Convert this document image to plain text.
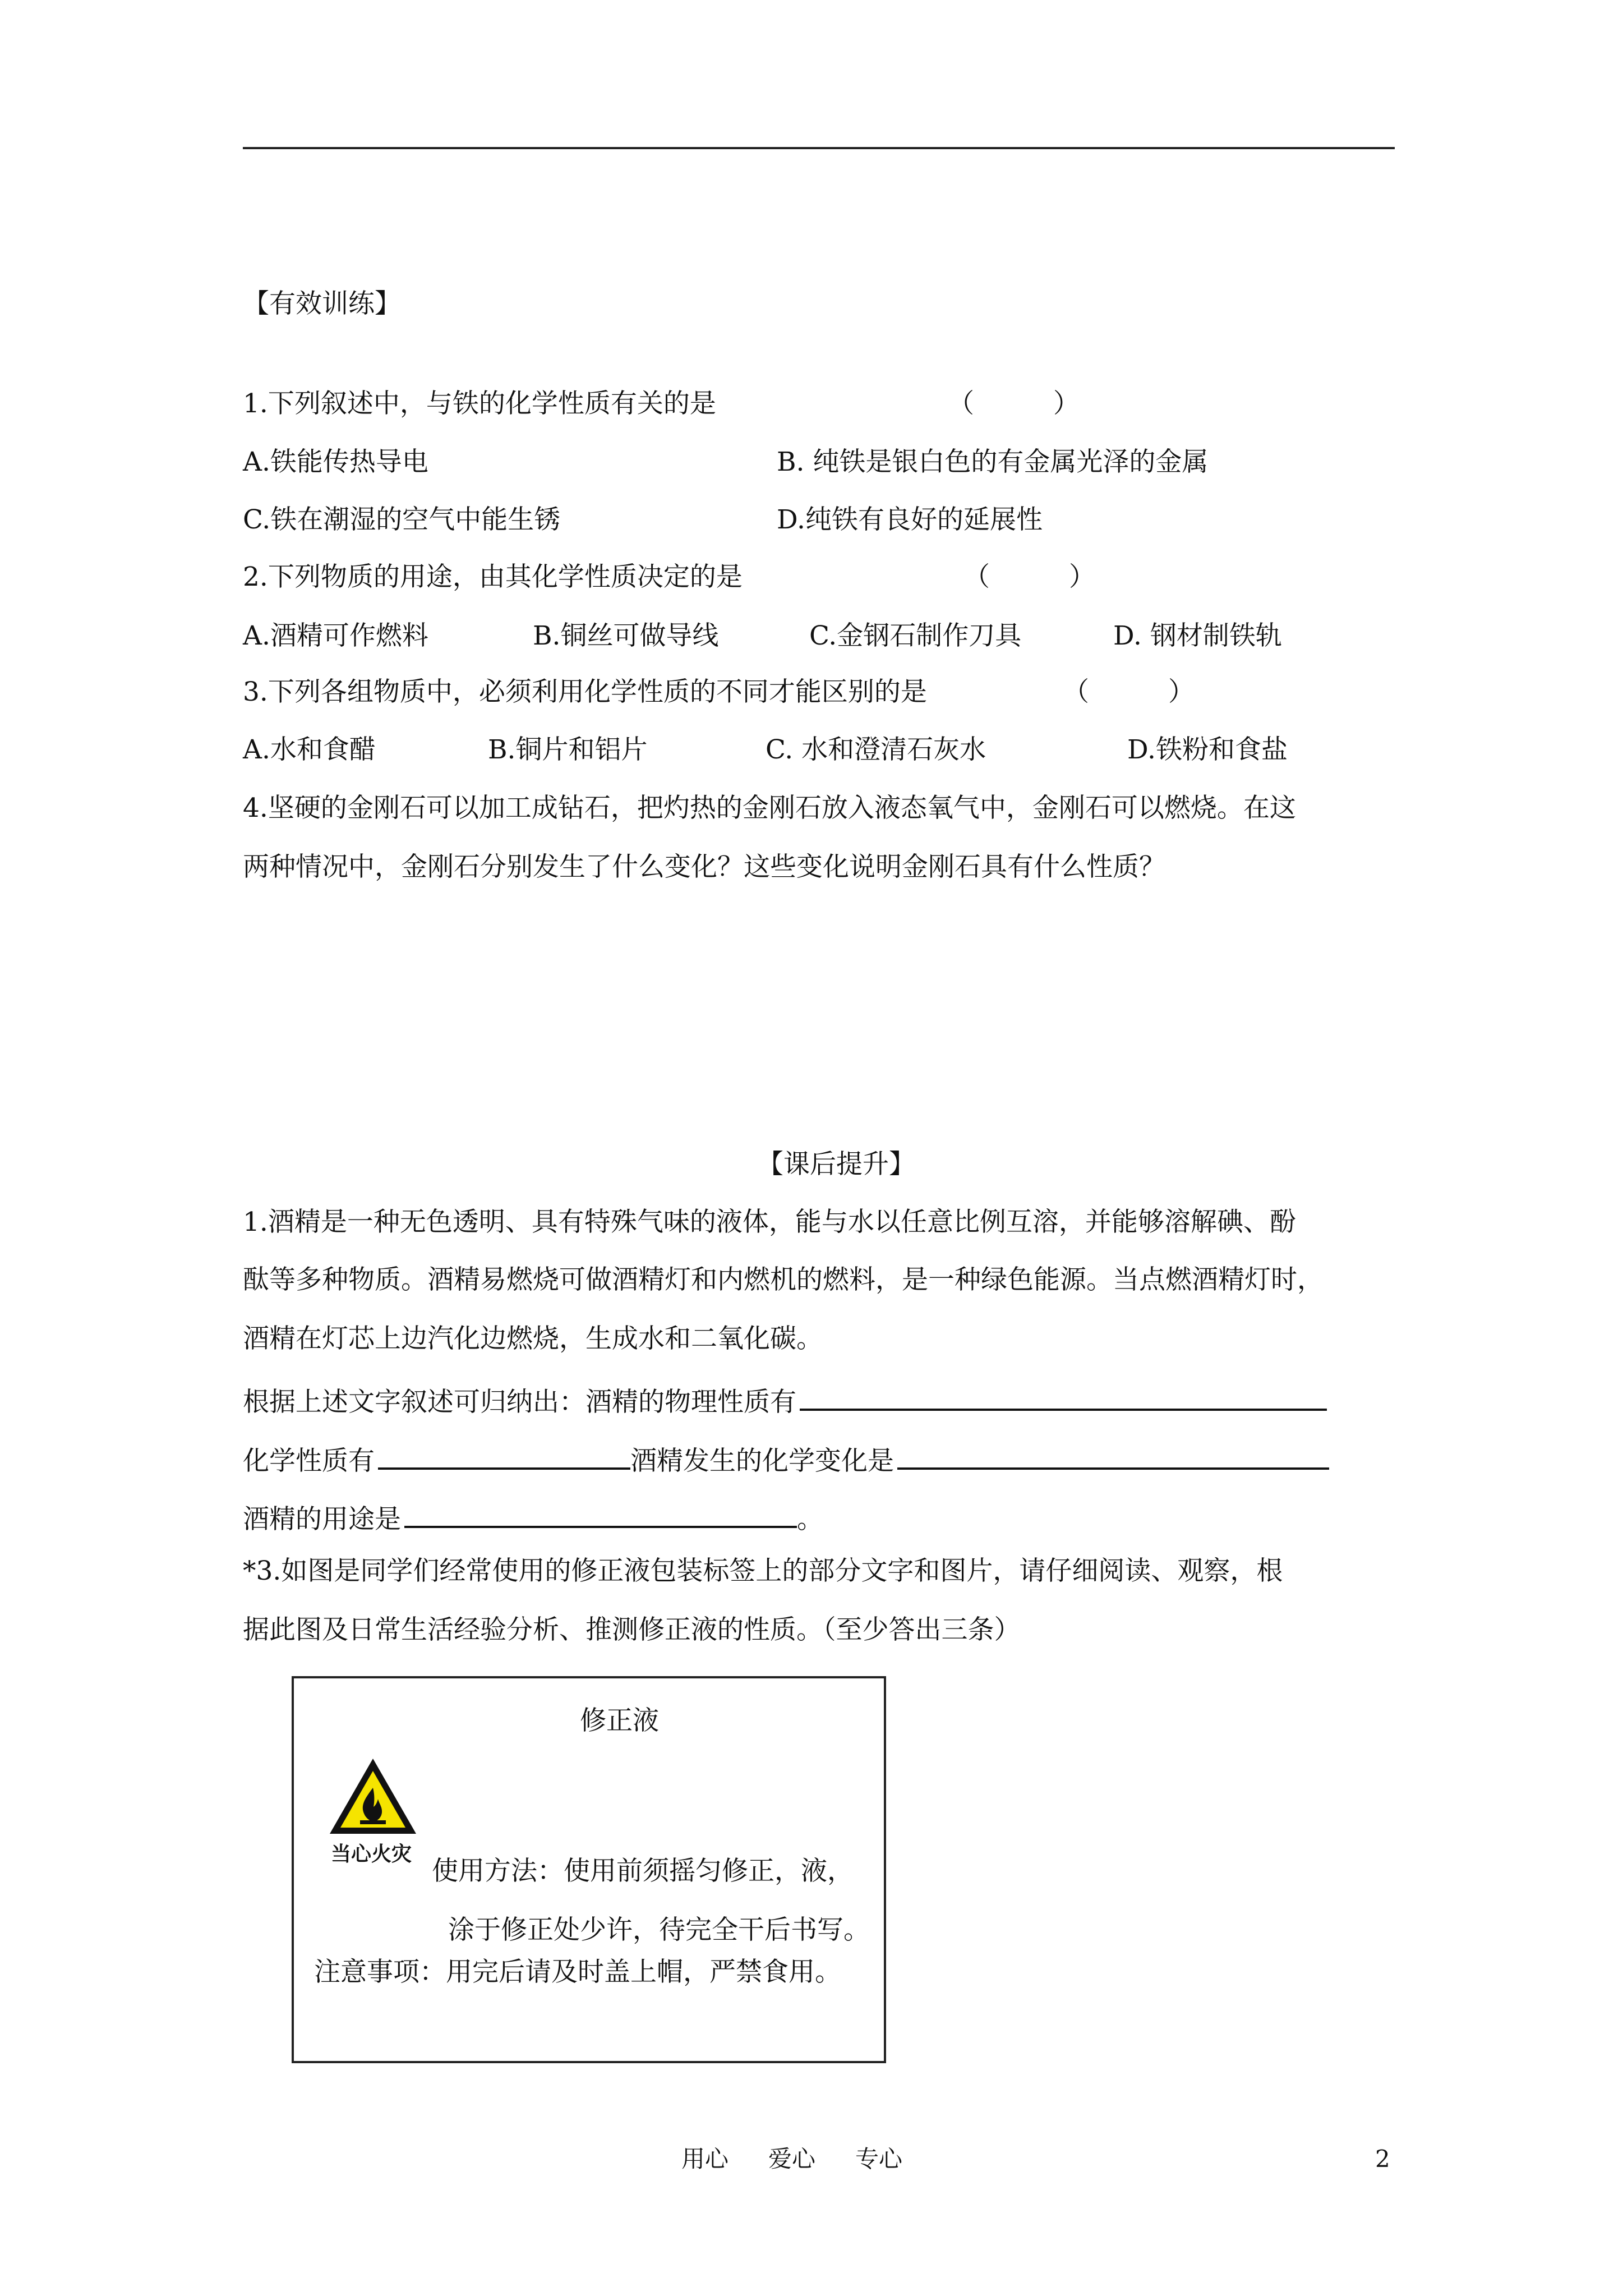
【有效训练】
1.下列叙述中，与铁的化学性质有关的是	（　　　）
A.铁能传热导电	B. 纯铁是银白色的有金属光泽的金属
C.铁在潮湿的空气中能生锈	D.纯铁有良好的延展性
2.下列物质的用途，由其化学性质决定的是	（　　　）
A.酒精可作燃料	B.铜丝可做导线	C.金钢石制作刀具	D. 钢材制铁轨
3.下列各组物质中，必须利用化学性质的不同才能区别的是	（　　　）
A.水和食醋	B.铜片和铝片	C. 水和澄清石灰水	D.铁粉和食盐
4.坚硬的金刚石可以加工成钻石，把灼热的金刚石放入液态氧气中，金刚石可以燃烧。在这
两种情况中，金刚石分别发生了什么变化？这些变化说明金刚石具有什么性质？
【课后提升】
1.酒精是一种无色透明、具有特殊气味的液体，能与水以任意比例互溶，并能够溶解碘、酚
酞等多种物质。酒精易燃烧可做酒精灯和内燃机的燃料，是一种绿色能源。当点燃酒精灯时，
酒精在灯芯上边汽化边燃烧，生成水和二氧化碳。
根据上述文字叙述可归纳出：酒精的物理性质有
化学性质有	酒精发生的化学变化是
酒精的用途是	。
*3.如图是同学们经常使用的修正液包装标签上的部分文字和图片，请仔细阅读、观察，根
据此图及日常生活经验分析、推测修正液的性质。（至少答出三条）
修正液
当心火灾
使用方法：使用前须摇匀修正，液，
涂于修正处少许，待完全干后书写。
注意事项：用完后请及时盖上帽，严禁食用。
用心 爱心 专心	2
